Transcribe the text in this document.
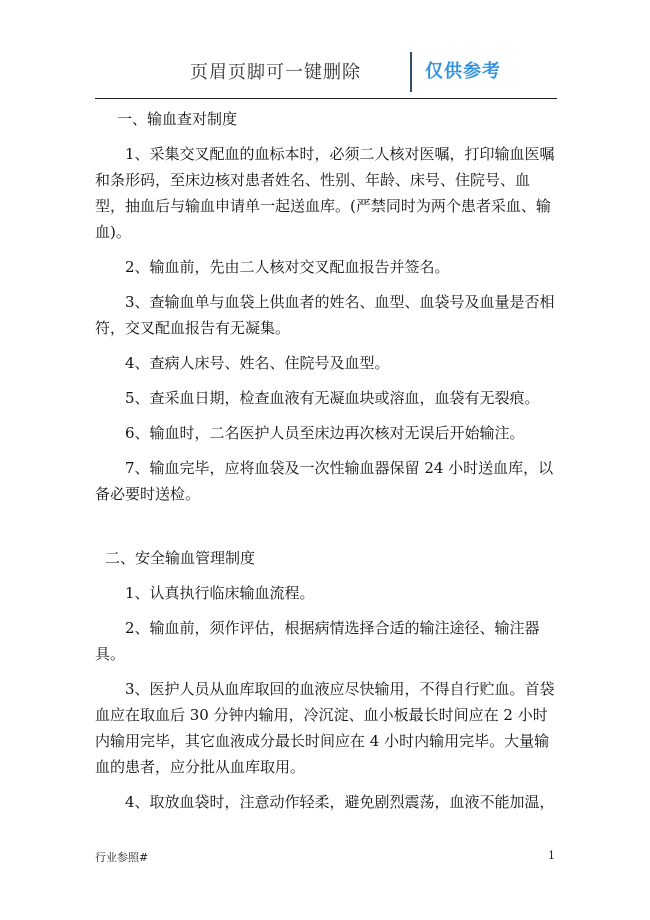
页眉页脚可一键删除	仅供参考
一、输血查对制度

1、采集交叉配血的血标本时，必须二人核对医嘱，打印输血医嘱和条形码，至床边核对患者姓名、性别、年龄、床号、住院号、血型，抽血后与输血申请单一起送血库。(严禁同时为两个患者采血、输血)。

2、输血前，先由二人核对交叉配血报告并签名。

3、查输血单与血袋上供血者的姓名、血型、血袋号及血量是否相符，交叉配血报告有无凝集。

4、查病人床号、姓名、住院号及血型。

5、查采血日期，检查血液有无凝血块或溶血，血袋有无裂痕。

6、输血时，二名医护人员至床边再次核对无误后开始输注。

7、输血完毕，应将血袋及一次性输血器保留 24 小时送血库，以备必要时送检。

二、安全输血管理制度

1、认真执行临床输血流程。

2、输血前，须作评估，根据病情选择合适的输注途径、输注器具。

3、医护人员从血库取回的血液应尽快输用，不得自行贮血。首袋血应在取血后 30 分钟内输用，冷沉淀、血小板最长时间应在 2 小时内输用完毕，其它血液成分最长时间应在 4 小时内输用完毕。大量输血的患者，应分批从血库取用。

4、取放血袋时，注意动作轻柔，避免剧烈震荡，血液不能加温，

行业参照#	1
